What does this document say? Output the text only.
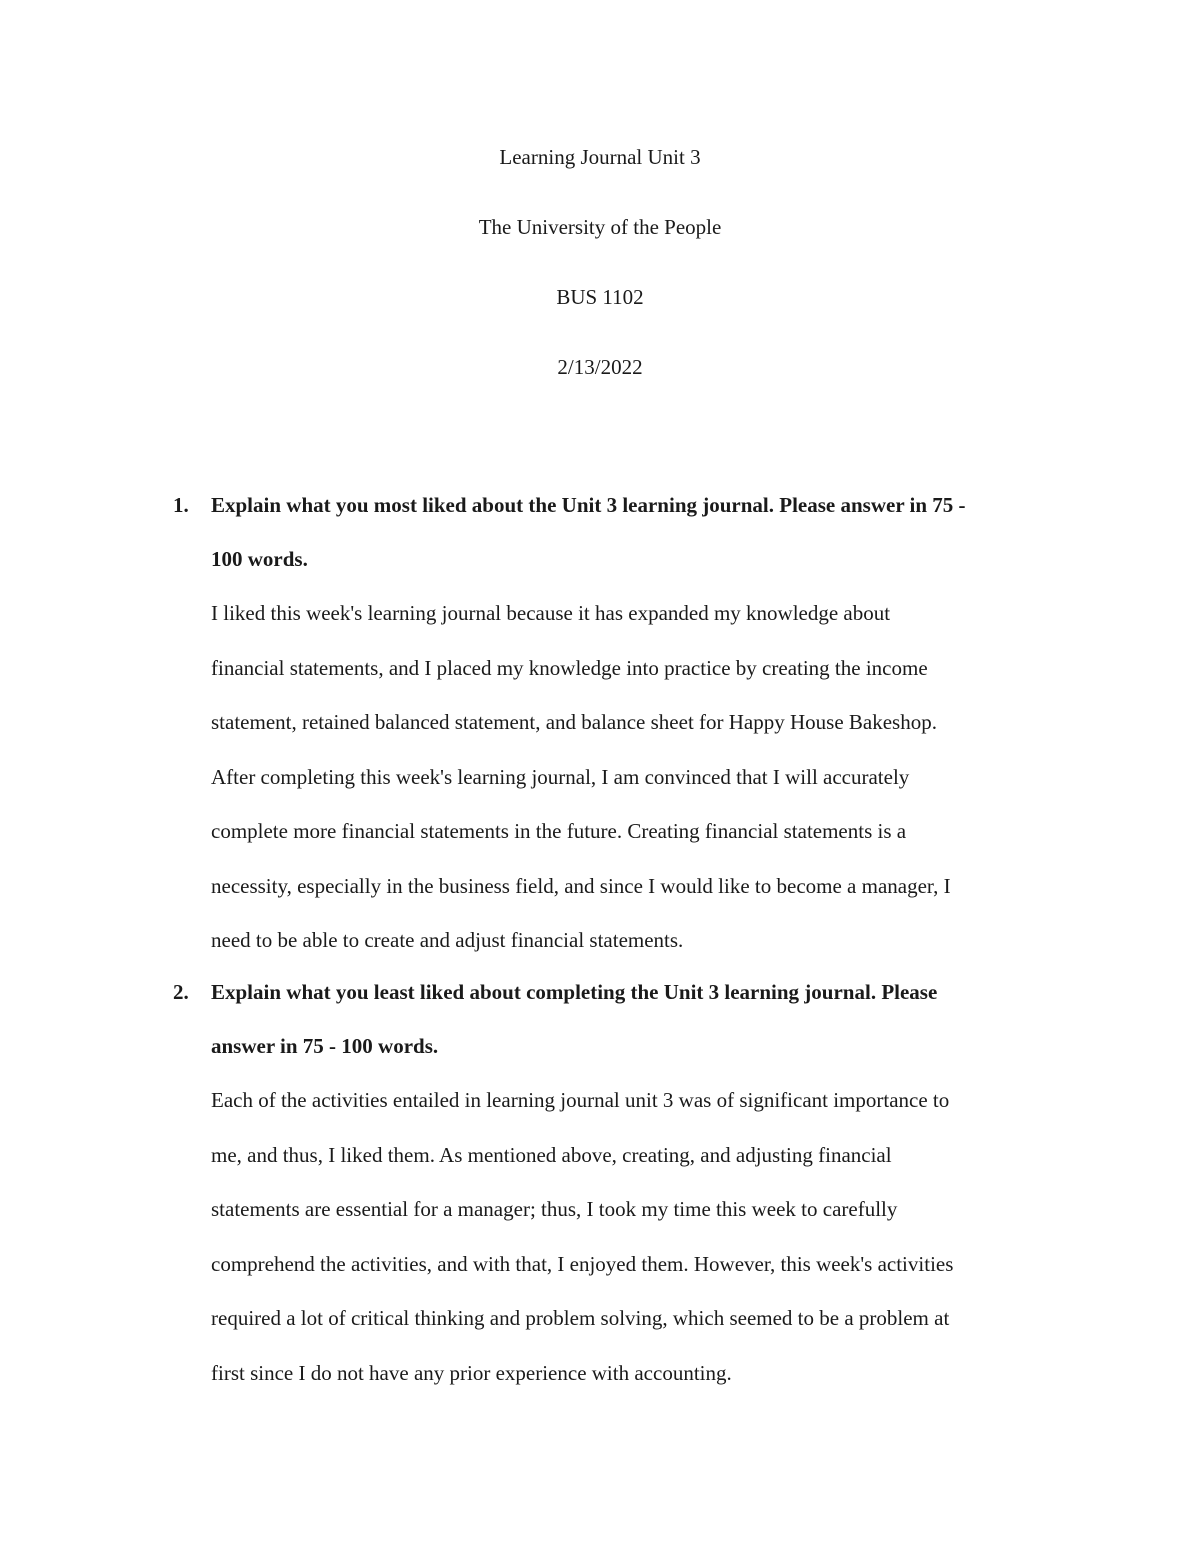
Learning Journal Unit 3
The University of the People
BUS 1102
2/13/2022
1.	Explain what you most liked about the Unit 3 learning journal. Please answer in 75 -
100 words.
I liked this week's learning journal because it has expanded my knowledge about
financial statements, and I placed my knowledge into practice by creating the income
statement, retained balanced statement, and balance sheet for Happy House Bakeshop.
After completing this week's learning journal, I am convinced that I will accurately
complete more financial statements in the future. Creating financial statements is a
necessity, especially in the business field, and since I would like to become a manager, I
need to be able to create and adjust financial statements.
2.	Explain what you least liked about completing the Unit 3 learning journal. Please
answer in 75 - 100 words.
Each of the activities entailed in learning journal unit 3 was of significant importance to
me, and thus, I liked them. As mentioned above, creating, and adjusting financial
statements are essential for a manager; thus, I took my time this week to carefully
comprehend the activities, and with that, I enjoyed them. However, this week's activities
required a lot of critical thinking and problem solving, which seemed to be a problem at
first since I do not have any prior experience with accounting.
